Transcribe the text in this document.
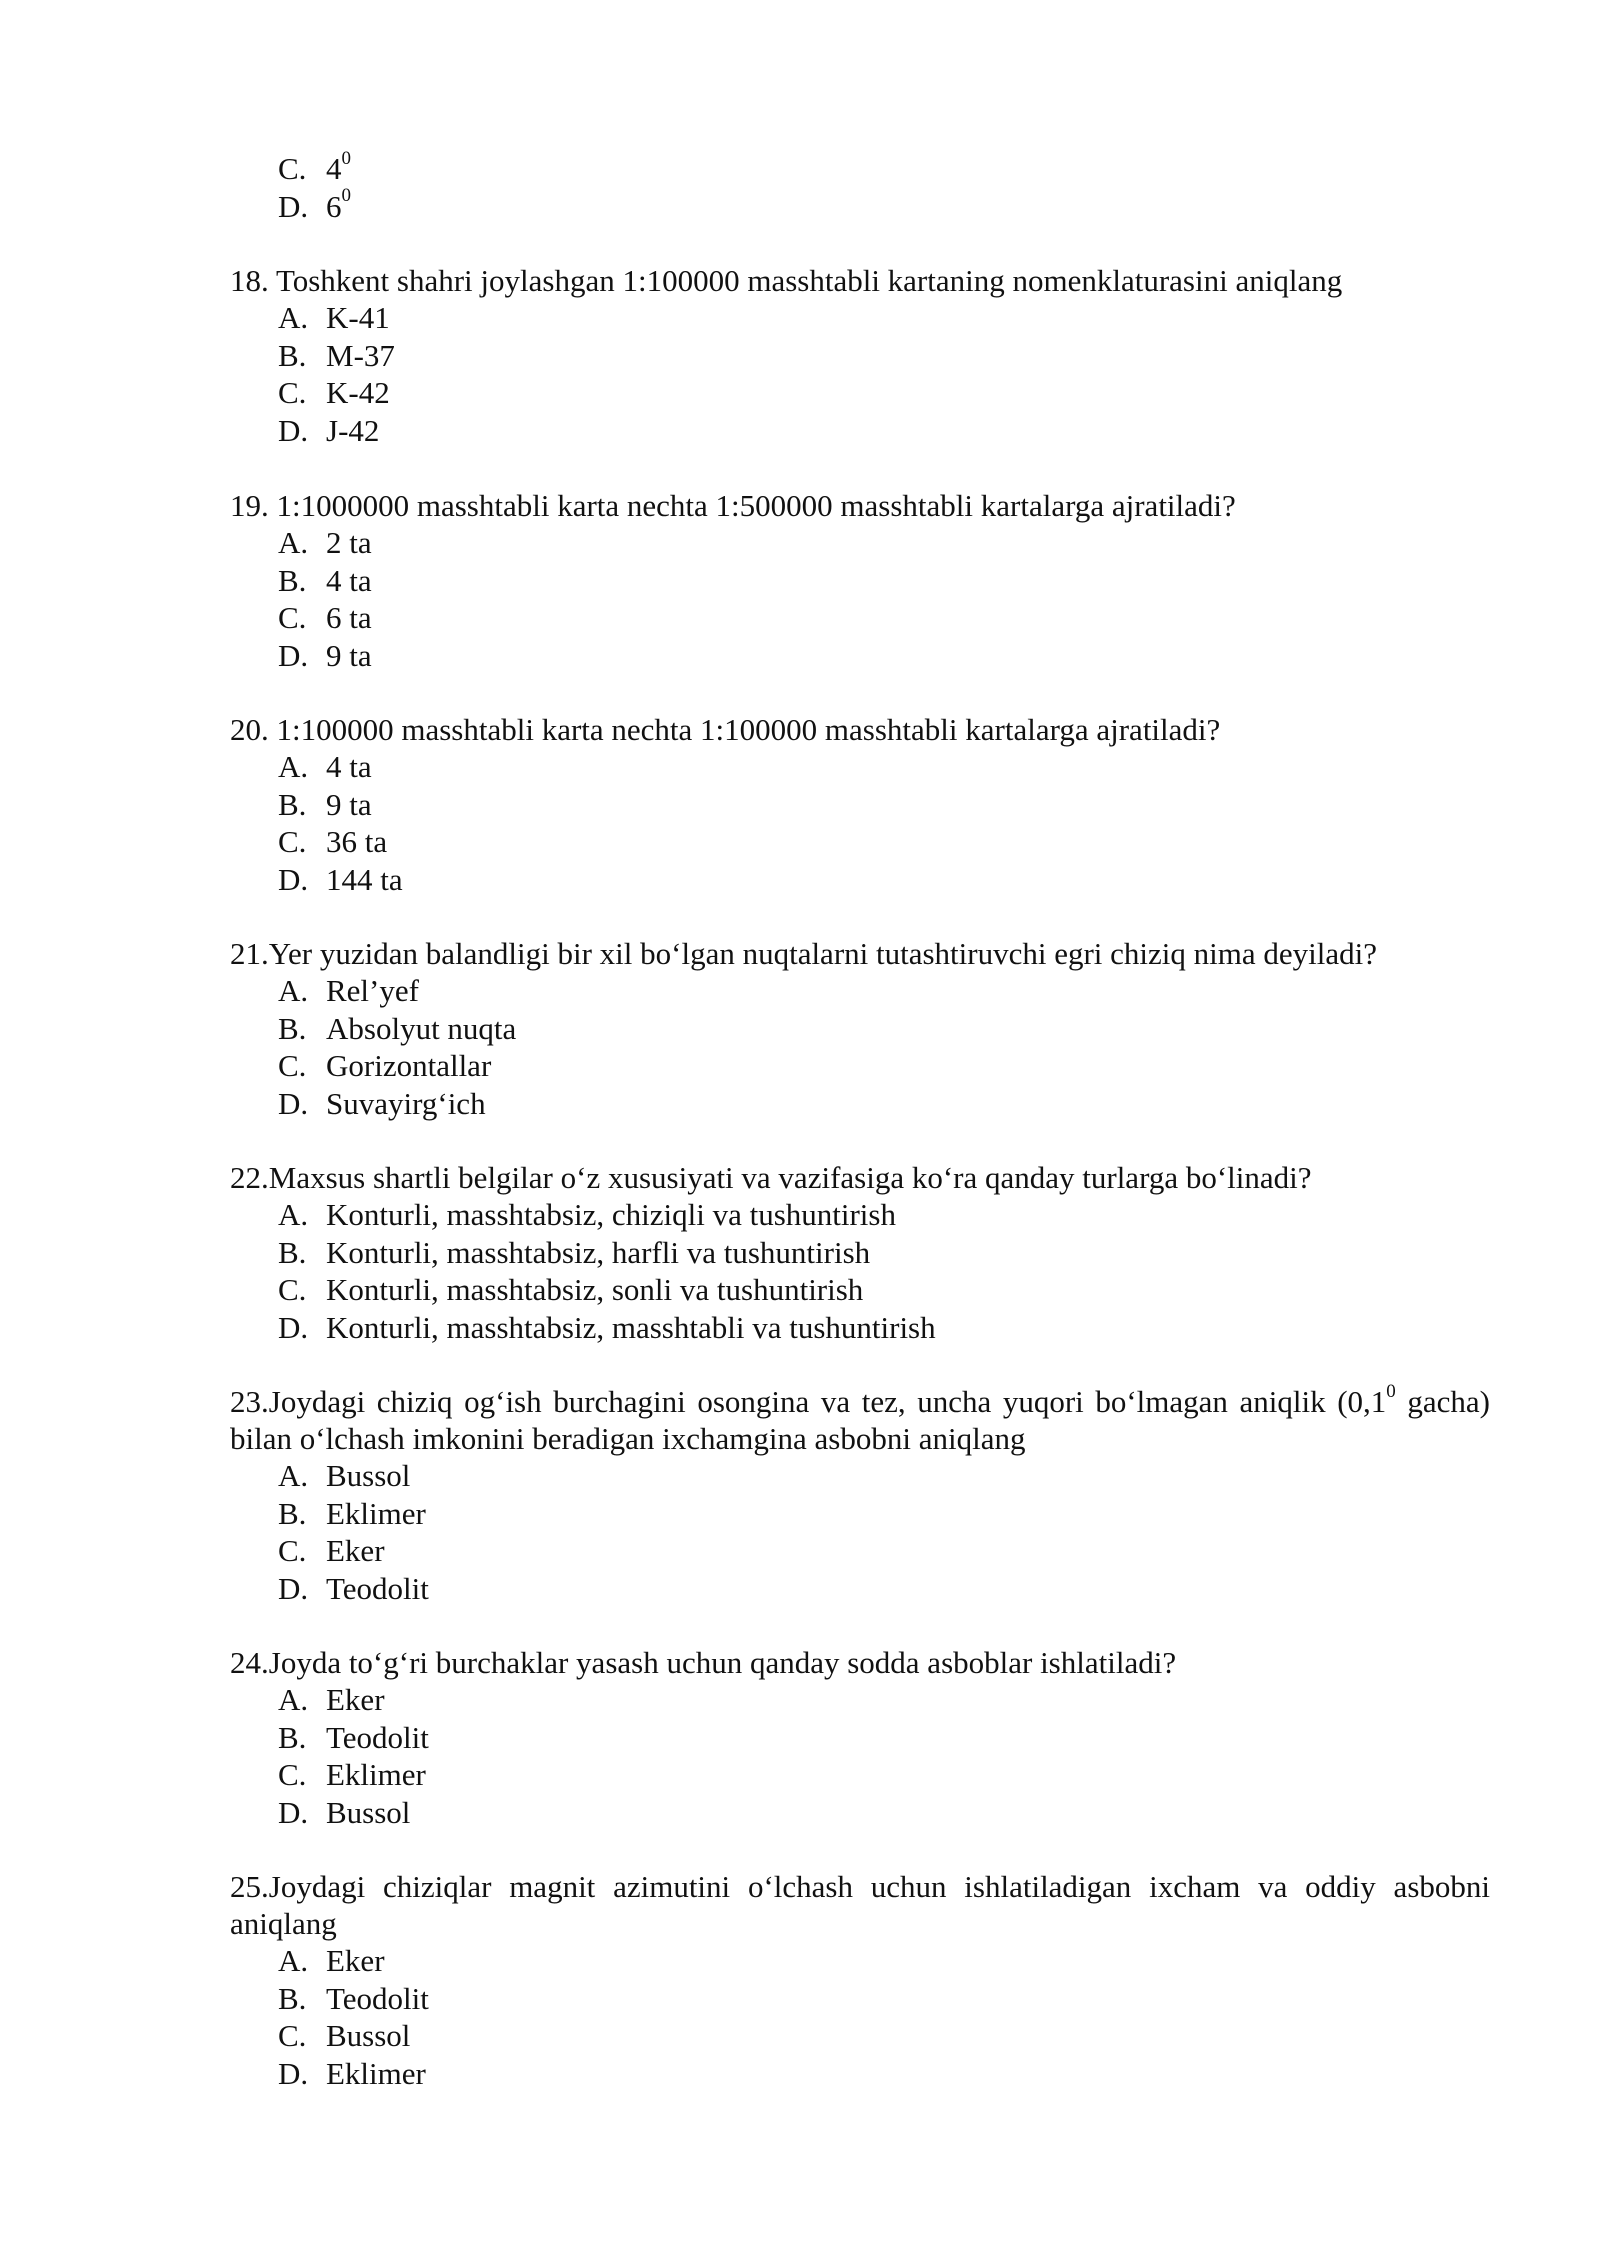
C. $4^0$
D. $6^0$

18. Toshkent shahri joylashgan 1:100000 masshtabli kartaning nomenklaturasini aniqlang

A. K-41
B. M-37
C. K-42
D. J-42

19. 1:1000000 masshtabli karta nechta 1:500000 masshtabli kartalarga ajratiladi?

A. 2 ta
B. 4 ta
C. 6 ta
D. 9 ta

20. 1:100000 masshtabli karta nechta 1:100000 masshtabli kartalarga ajratiladi?

A. 4 ta
B. 9 ta
C. 36 ta
D. 144 ta

21.Yer yuzidan balandligi bir xil bo‘lgan nuqtalarni tutashtiruvchi egri chiziq nima deyiladi?

A. Rel’yef
B. Absolyut nuqta
C. Gorizontallar
D. Suvayirg‘ich

22.Maxsus shartli belgilar o‘z xususiyati va vazifasiga ko‘ra qanday turlarga bo‘linadi?

A. Konturli, masshtabsiz, chiziqli va tushuntirish
B. Konturli, masshtabsiz, harfli va tushuntirish
C. Konturli, masshtabsiz, sonli va tushuntirish
D. Konturli, masshtabsiz, masshtabli va tushuntirish

23.Joydagi chiziq og‘ish burchagini osongina va tez, uncha yuqori bo‘lmagan aniqlik ($0,1^0$ gacha) bilan o‘lchash imkonini beradigan ixchamgina asbobni aniqlang

A. Bussol
B. Eklimer
C. Eker
D. Teodolit

24.Joyda to‘g‘ri burchaklar yasash uchun qanday sodda asboblar ishlatiladi?

A. Eker
B. Teodolit
C. Eklimer
D. Bussol

25.Joydagi chiziqlar magnit azimutini o‘lchash uchun ishlatiladigan ixcham va oddiy asbobni aniqlang

A. Eker
B. Teodolit
C. Bussol
D. Eklimer
